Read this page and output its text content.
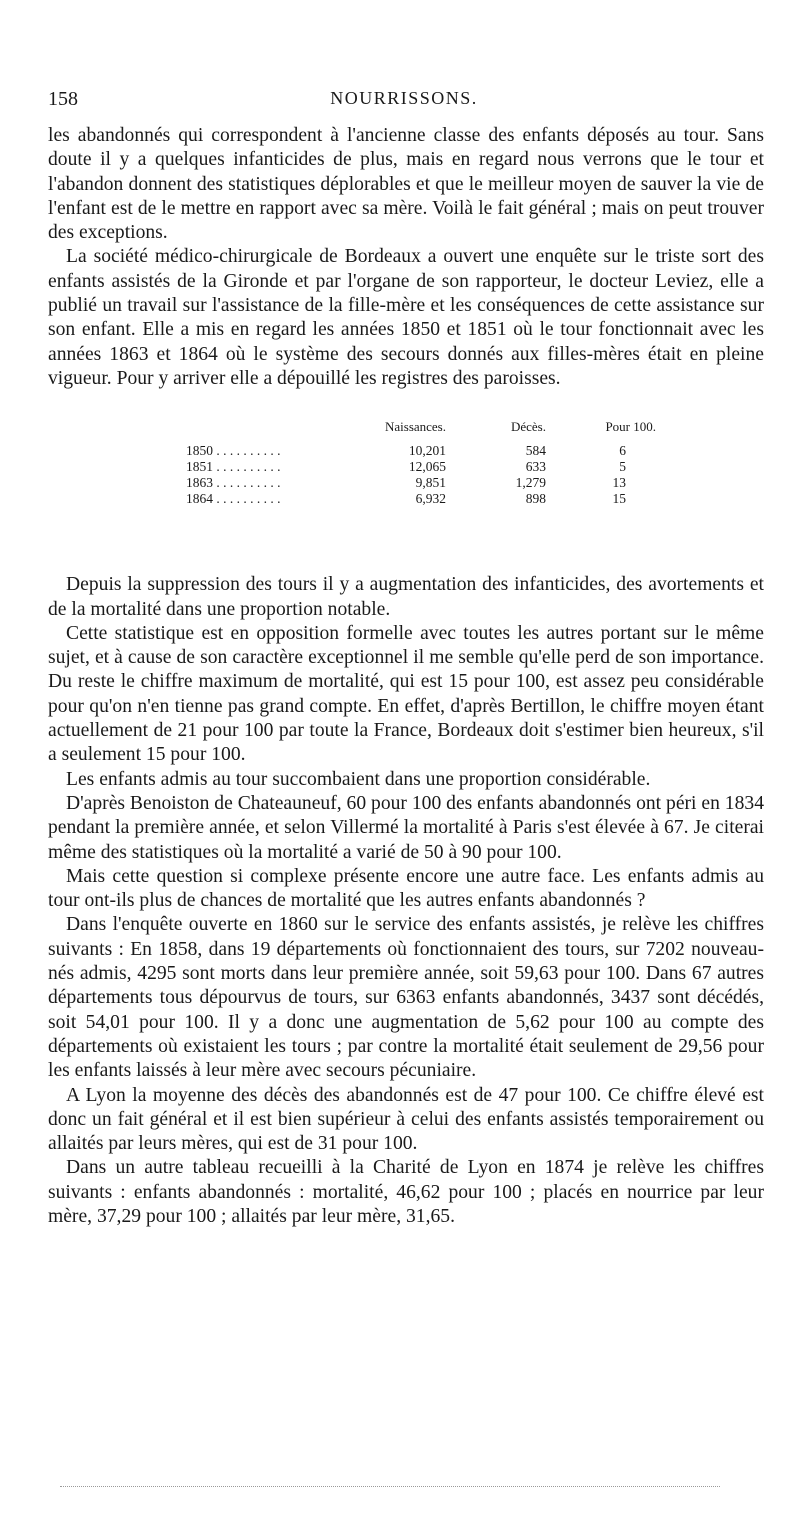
158	NOURRISSONS.

les abandonnés qui correspondent à l'ancienne classe des enfants déposés au tour. Sans doute il y a quelques infanticides de plus, mais en regard nous verrons que le tour et l'abandon donnent des statistiques déplorables et que le meilleur moyen de sauver la vie de l'enfant est de le mettre en rapport avec sa mère. Voilà le fait général ; mais on peut trouver des exceptions.

La société médico-chirurgicale de Bordeaux a ouvert une enquête sur le triste sort des enfants assistés de la Gironde et par l'organe de son rapporteur, le docteur Leviez, elle a publié un travail sur l'assistance de la fille-mère et les conséquences de cette assistance sur son enfant. Elle a mis en regard les années 1850 et 1851 où le tour fonctionnait avec les années 1863 et 1864 où le système des secours donnés aux filles-mères était en pleine vigueur. Pour y arriver elle a dépouillé les registres des paroisses.

	Naissances.	Décès.	Pour 100.
1850 . . . . . . . . . .	10,201	584	6
1851 . . . . . . . . . .	12,065	633	5
1863 . . . . . . . . . .	9,851	1,279	13
1864 . . . . . . . . . .	6,932	898	15

Depuis la suppression des tours il y a augmentation des infanticides, des avortements et de la mortalité dans une proportion notable.

Cette statistique est en opposition formelle avec toutes les autres portant sur le même sujet, et à cause de son caractère exceptionnel il me semble qu'elle perd de son importance. Du reste le chiffre maximum de mortalité, qui est 15 pour 100, est assez peu considérable pour qu'on n'en tienne pas grand compte. En effet, d'après Bertillon, le chiffre moyen étant actuellement de 21 pour 100 par toute la France, Bordeaux doit s'estimer bien heureux, s'il a seulement 15 pour 100.

Les enfants admis au tour succombaient dans une proportion considérable.

D'après Benoiston de Chateauneuf, 60 pour 100 des enfants abandonnés ont péri en 1834 pendant la première année, et selon Villermé la mortalité à Paris s'est élevée à 67. Je citerai même des statistiques où la mortalité a varié de 50 à 90 pour 100.

Mais cette question si complexe présente encore une autre face. Les enfants admis au tour ont-ils plus de chances de mortalité que les autres enfants abandonnés ?

Dans l'enquête ouverte en 1860 sur le service des enfants assistés, je relève les chiffres suivants : En 1858, dans 19 départements où fonctionnaient des tours, sur 7202 nouveau-nés admis, 4295 sont morts dans leur première année, soit 59,63 pour 100. Dans 67 autres départements tous dépourvus de tours, sur 6363 enfants abandonnés, 3437 sont décédés, soit 54,01 pour 100. Il y a donc une augmentation de 5,62 pour 100 au compte des départements où existaient les tours ; par contre la mortalité était seulement de 29,56 pour les enfants laissés à leur mère avec secours pécuniaire.

A Lyon la moyenne des décès des abandonnés est de 47 pour 100. Ce chiffre élevé est donc un fait général et il est bien supérieur à celui des enfants assistés temporairement ou allaités par leurs mères, qui est de 31 pour 100.

Dans un autre tableau recueilli à la Charité de Lyon en 1874 je relève les chiffres suivants : enfants abandonnés : mortalité, 46,62 pour 100 ; placés en nourrice par leur mère, 37,29 pour 100 ; allaités par leur mère, 31,65.
